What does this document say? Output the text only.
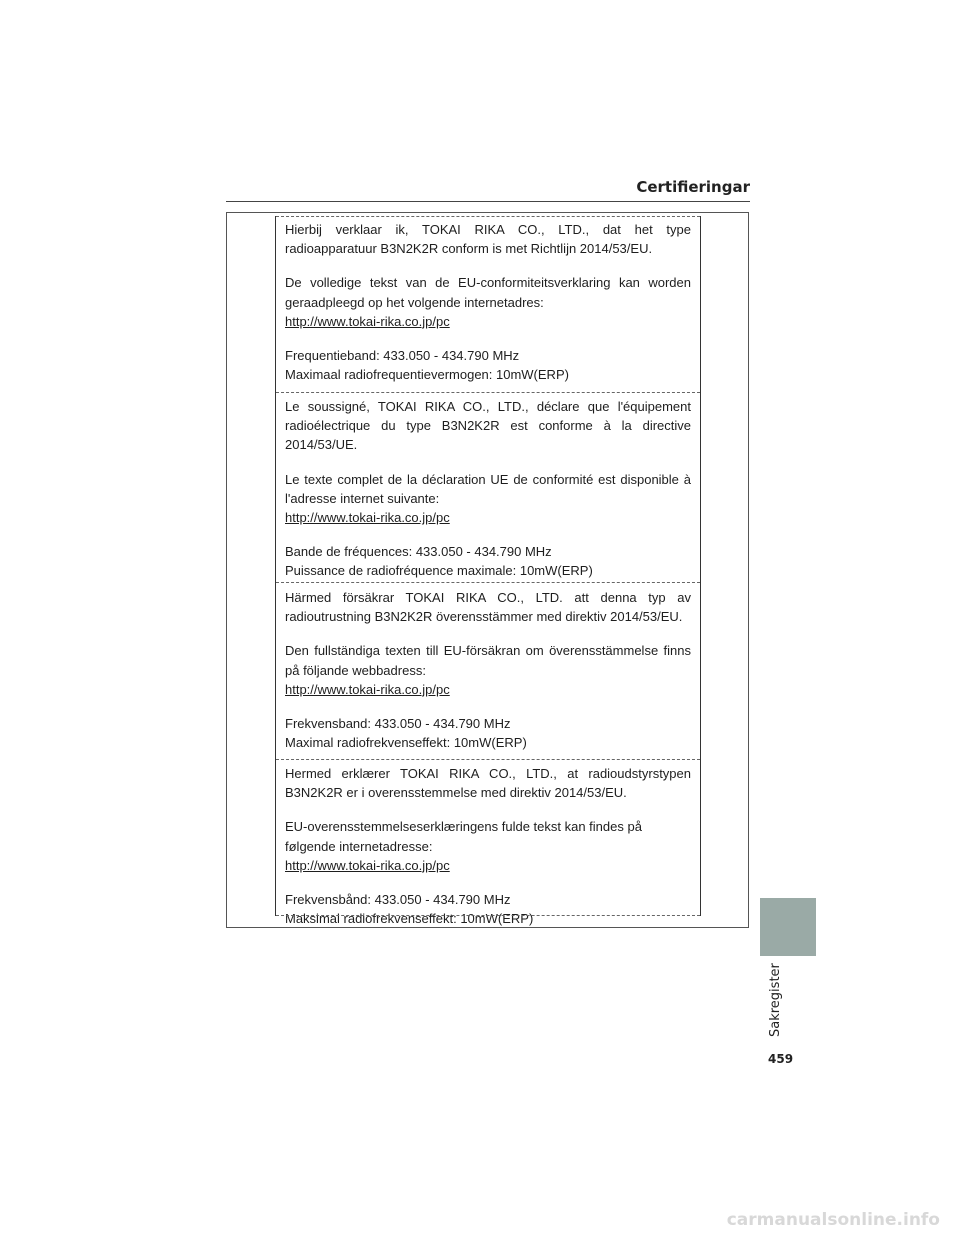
Certifieringar

Hierbij verklaar ik, TOKAI RIKA CO., LTD., dat het type

radioapparatuur B3N2K2R conform is met Richtlijn 2014/53/EU.

De volledige tekst van de EU-conformiteitsverklaring kan worden

geraadpleegd op het volgende internetadres:

http://www.tokai-rika.co.jp/pc

Frequentieband: 433.050 - 434.790 MHz

Maximaal radiofrequentievermogen: 10mW(ERP)

Le soussigné, TOKAI RIKA CO., LTD., déclare que l'équipement

radioélectrique du type B3N2K2R est conforme à la directive

2014/53/UE.

Le texte complet de la déclaration UE de conformité est disponible à

l'adresse internet suivante:

http://www.tokai-rika.co.jp/pc

Bande de fréquences: 433.050 - 434.790 MHz

Puissance de radiofréquence maximale: 10mW(ERP)

Härmed försäkrar TOKAI RIKA CO., LTD. att denna typ av

radioutrustning B3N2K2R överensstämmer med direktiv 2014/53/EU.

Den fullständiga texten till EU-försäkran om överensstämmelse finns

på följande webbadress:

http://www.tokai-rika.co.jp/pc

Frekvensband: 433.050 - 434.790 MHz

Maximal radiofrekvenseffekt: 10mW(ERP)

Hermed erklærer TOKAI RIKA CO., LTD., at radioudstyrstypen

B3N2K2R er i overensstemmelse med direktiv 2014/53/EU.

EU-overensstemmelseserklæringens fulde tekst kan findes på

følgende internetadresse:

http://www.tokai-rika.co.jp/pc

Frekvensbånd: 433.050 - 434.790 MHz

Maksimal radiofrekvenseffekt: 10mW(ERP)

Sakregister
459
carmanualsonline.info
